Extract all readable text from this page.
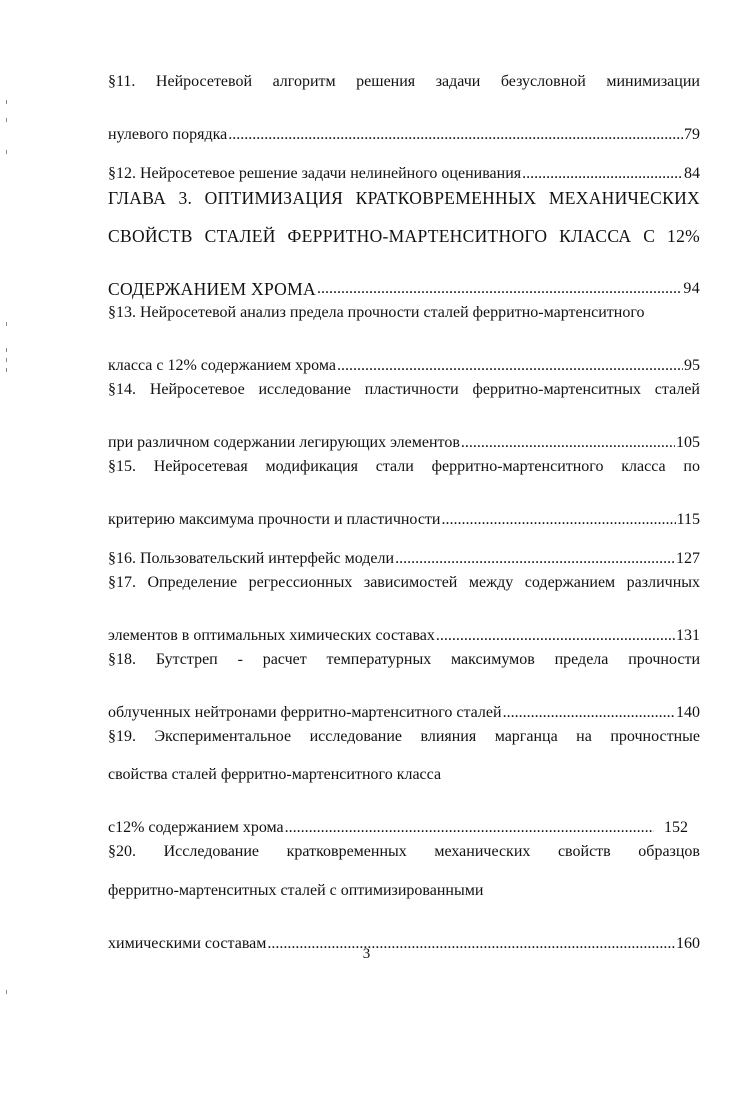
§11. Нейросетевой алгоритм решения задачи безусловной минимизации
нулевого порядка .....	79
§12. Нейросетевое решение задачи нелинейного оценивания .....	84
ГЛАВА 3. ОПТИМИЗАЦИЯ КРАТКОВРЕМЕННЫХ МЕХАНИЧЕСКИХ
СВОЙСТВ СТАЛЕЙ ФЕРРИТНО-МАРТЕНСИТНОГО КЛАССА С 12%
СОДЕРЖАНИЕМ ХРОМА .....	94
§13. Нейросетевой анализ предела прочности сталей ферритно-мартенситного
класса с 12% содержанием хрома .....	95
§14. Нейросетевое исследование пластичности ферритно-мартенситных сталей
при различном содержании легирующих элементов .....	105
§15. Нейросетевая модификация стали ферритно-мартенситного класса по
критерию максимума прочности и пластичности .....	115
§16. Пользовательский интерфейс модели .....	127
§17. Определение регрессионных зависимостей между содержанием различных
элементов в оптимальных химических составах .....	131
§18. Бутстреп - расчет температурных максимумов предела прочности
облученных нейтронами ферритно-мартенситного сталей .....	140
§19. Экспериментальное исследование влияния марганца на прочностные
свойства сталей ферритно-мартенситного класса
с12% содержанием хрома .....	152
§20. Исследование кратковременных механических свойств образцов
ферритно-мартенситных сталей с оптимизированными
химическими составам .....	160
3
